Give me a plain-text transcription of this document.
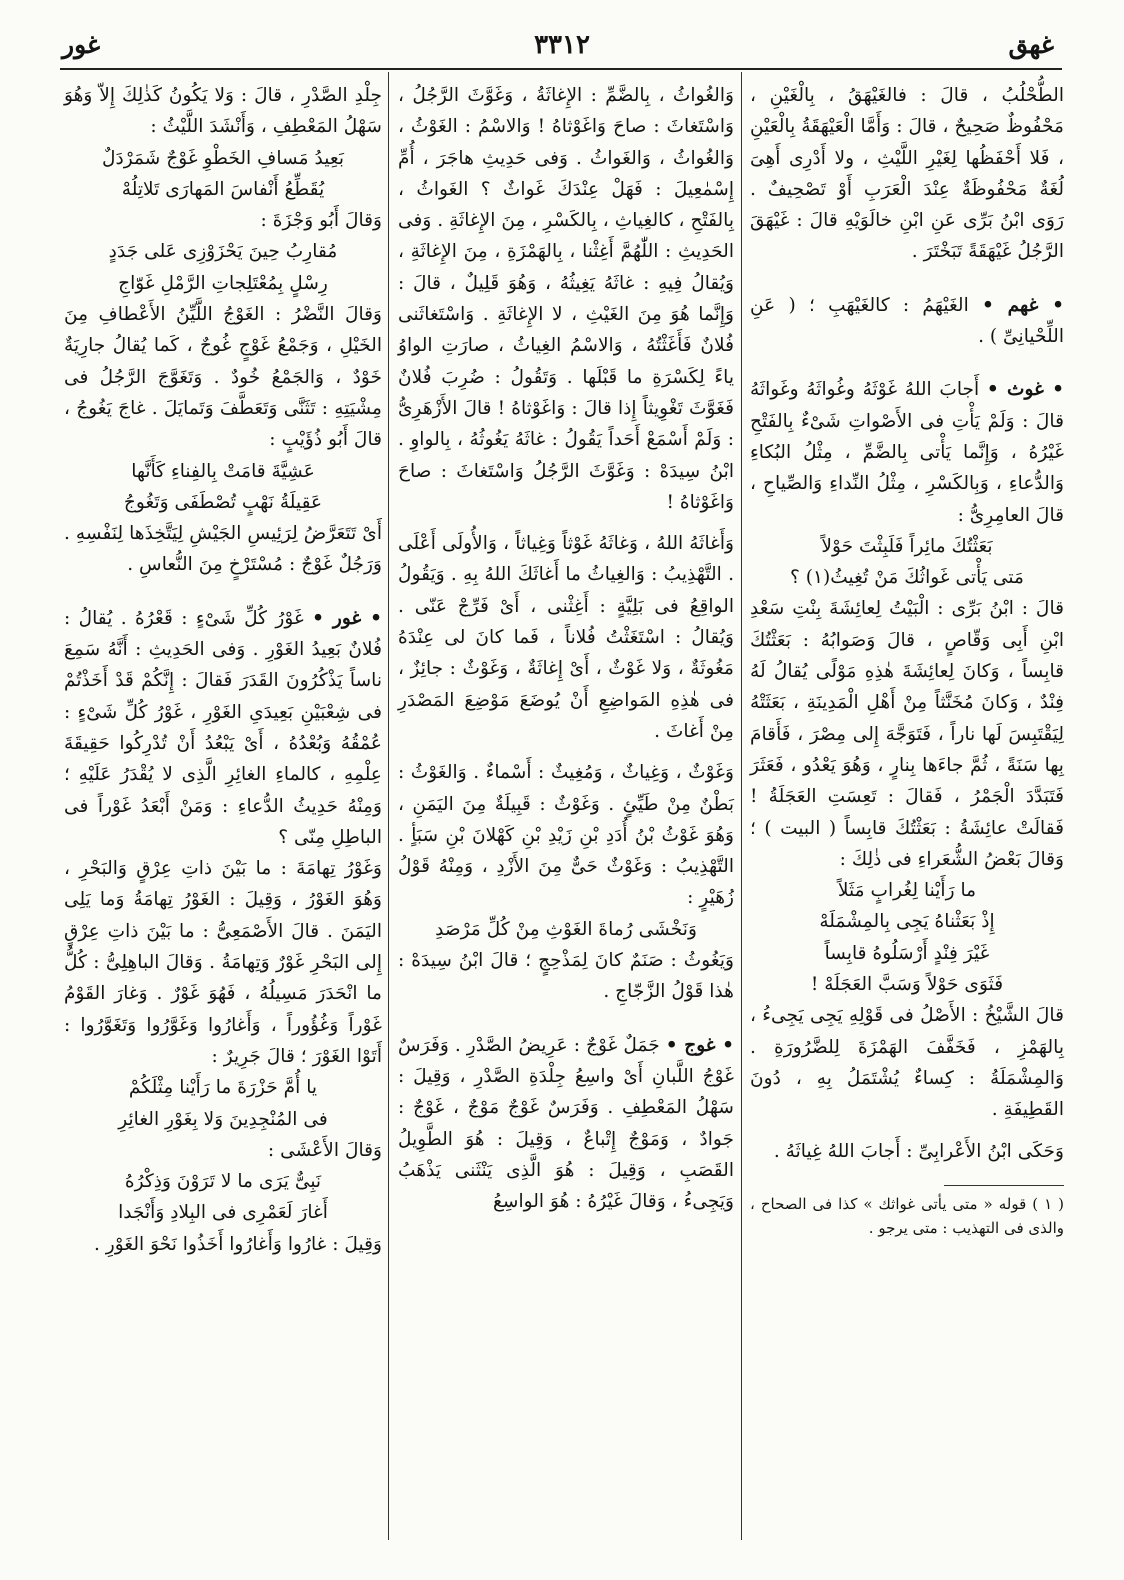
غور	٣٣١٢	غهق

الطُّحْلُبُ ، قالَ : فالغَيْهَقُ ، بِالْغَيْنِ ، مَحْفُوظٌ صَحِيحٌ ، قالَ : وَأَمَّا الْعَيْهَقَةُ بِالْعَيْنِ ، فَلا أَحْفَظُها لِغَيْرِ اللَّيْثِ ، ولا أَدْرِى أَهِىَ لُغَةٌ مَحْفُوظَةٌ عِنْدَ الْعَرَبِ أَوْ تَصْحِيفٌ . رَوَى ابْنُ بَرِّى عَنِ ابْنِ خالَوَيْهِ قالَ : غَيْهَقَ الرَّجُلُ غَيْهَقَةً تَبَخْتَرَ .

• غهم • الغَيْهَمُ : كالغَيْهَبِ ؛ ( عَنِ اللِّحْيانِىِّ ) .

• غوث • أَجابَ اللهُ غَوْثَهُ وغُواثَهُ وغَواثَهُ قالَ : وَلَمْ يَأْتِ فى الأَصْواتِ شَىْءٌ بِالفَتْحِ غَيْرُهُ ، وَإِنَّما يَأْتى بِالضَّمِّ ، مِثْلُ البُكاءِ وَالدُّعاءِ ، وَبِالكَسْرِ ، مِثْلُ النِّداءِ وَالصِّياحِ ، قالَ العامِرِىُّ :

بَعَثْتُكَ مائِراً فَلَبِثْتَ حَوْلاً

مَتى يَأْتى غَواثُكَ مَنْ تُغِيثُ(١) ؟

قالَ : ابْنُ بَرِّى : الْبَيْتُ لِعائِشَةَ بِنْتِ سَعْدِ ابْنِ أَبِى وَقّاصٍ ، قالَ وَصَوابُهُ : بَعَثْتُكَ قابِساً ، وَكانَ لِعائِشَةَ هٰذِهِ مَوْلًى يُقالُ لَهُ فِنْدٌ ، وَكانَ مُخَنَّثاً مِنْ أَهْلِ الْمَدِينَةِ ، بَعَثَتْهُ لِيَقْتَبِسَ لَها ناراً ، فَتَوَجَّهَ إِلى مِصْرَ ، فَأَقامَ بِها سَنَةً ، ثُمَّ جاءَها بِنارٍ ، وَهُوَ يَعْدُو ، فَعَثَرَ فَتَبَدَّدَ الْجَمْرُ ، فَقالَ : تَعِسَتِ العَجَلَةُ ! فَقالَتْ عائِشَةُ : بَعَثْتُكَ قابِساً ( البيت ) ؛ وَقالَ بَعْضُ الشُّعَراءِ فى ذٰلِكَ :

ما رَأَيْنا لِغُرابٍ مَثَلاً

إِذْ بَعَثْناهُ يَجِى بِالمِشْمَلَهْ

غَيْرَ فِنْدٍ أَرْسَلُوهُ قابِساً

فَثَوَى حَوْلاً وَسَبَّ العَجَلَهْ !

قالَ الشَّيْخُ : الأَصْلُ فى قَوْلِهِ يَجِى يَجِىءُ ، بِالهَمْزِ ، فَخَفَّفَ الهَمْزَةَ لِلضَّرُورَةِ . وَالمِشْمَلَةُ : كِساءٌ يُشْتَمَلُ بِهِ ، دُونَ القَطِيفَةِ .

وَحَكَى ابْنُ الأَعْرابِىِّ : أَجابَ اللهُ غِياثَهُ .

( ١ ) قوله « متى يأتى غواثك » كذا فى الصحاح ، والذى فى التهذيب : متى يرجو .

وَالغُواثُ ، بِالضَّمِّ : الإِغاثَةُ ، وَغَوَّثَ الرَّجُلُ ، وَاسْتَغاثَ : صاحَ وَاغَوْثاهُ ! وَالاسْمُ : الغَوْثُ ، وَالغُواثُ ، وَالغَواثُ . وَفى حَدِيثِ هاجَرَ ، أُمِّ إِسْمٰعِيلَ : فَهَلْ عِنْدَكَ غَواثٌ ؟ الغَواثُ ، بِالفَتْحِ ، كالغِياثِ ، بِالكَسْرِ ، مِنَ الإِغاثَةِ . وَفى الحَدِيثِ : اللّٰهُمَّ أَغِثْنا ، بِالهَمْزَةِ ، مِنَ الإِغاثَةِ ، وَيُقالُ فِيهِ : غاثَهُ يَغِيثُهُ ، وَهُوَ قَلِيلٌ ، قالَ : وَإِنَّما هُوَ مِنَ الغَيْثِ ، لا الإِغاثَةِ . وَاسْتَغاثَنى فُلانٌ فَأَغَثْتُهُ ، وَالاسْمُ الغِياثُ ، صارَتِ الواوُ ياءً لِكَسْرَةِ ما قَبْلَها . وَتَقُولُ : ضُرِبَ فُلانٌ فَغَوَّثَ تَغْوِيثاً إِذا قالَ : وَاغَوْثاهُ ! قالَ الأَزْهَرِىُّ : وَلَمْ أَسْمَعْ أَحَداً يَقُولُ : غاثَهُ يَغُوثُهُ ، بِالواوِ . ابْنُ سِيدَهْ : وَغَوَّثَ الرَّجُلُ وَاسْتَغاثَ : صاحَ وَاغَوْثاهُ !

وَأَغاثَهُ اللهُ ، وَغاثَهُ غَوْثاً وَغِياثاً ، وَالأُولَى أَعْلَى . التَّهْذِيبُ : وَالغِياثُ ما أَغاثَكَ اللهُ بِهِ . وَيَقُولُ الواقِعُ فى بَلِيَّةٍ : أَغِثْنى ، أَىْ فَرِّجْ عَنّى . وَيُقالُ : اسْتَغَثْتُ فُلاناً ، فَما كانَ لى عِنْدَهُ مَغُوثَةٌ ، وَلا غَوْثٌ ، أَىْ إِغاثَةٌ ، وَغَوْثٌ : جائِزٌ ، فى هٰذِهِ المَواضِعِ أَنْ يُوضَعَ مَوْضِعَ المَصْدَرِ مِنْ أَغاثَ .

وَغَوْثٌ ، وَغِياثٌ ، وَمُغِيثٌ : أَسْماءٌ . وَالغَوْثُ : بَطْنٌ مِنْ طَيِّئٍ . وَغَوْثٌ : قَبِيلَةٌ مِنَ اليَمَنِ ، وَهُوَ غَوْثُ بْنُ أُدَدِ بْنِ زَيْدِ بْنِ كَهْلانَ بْنِ سَبَأٍ . التَّهْذِيبُ : وَغَوْثٌ حَىٌّ مِنَ الأَزْدِ ، وَمِنْهُ قَوْلُ زُهَيْرٍ :

وَنَخْشَى رُماةَ الغَوْثِ مِنْ كُلِّ مَرْصَدِ

وَيَغُوثُ : صَنَمٌ كانَ لِمَذْحِجٍ ؛ قالَ ابْنُ سِيدَهْ : هٰذا قَوْلُ الزَّجّاجِ .

• غوج • جَمَلٌ غَوْجٌ : عَرِيضُ الصَّدْرِ . وَفَرَسٌ غَوْجُ اللَّبانِ أَىْ واسِعُ جِلْدَةِ الصَّدْرِ ، وَقِيلَ : سَهْلُ المَعْطِفِ . وَفَرَسٌ غَوْجٌ مَوْجٌ ، غَوْجٌ : جَوادٌ ، وَمَوْجٌ إِتْباعٌ ، وَقِيلَ : هُوَ الطَّوِيلُ القَصَبِ ، وَقِيلَ : هُوَ الَّذِى يَنْثَنى يَذْهَبُ وَيَجِىءُ ، وَقالَ غَيْرُهُ : هُوَ الواسِعُ

جِلْدِ الصَّدْرِ ، قالَ : وَلا يَكُونُ كَذٰلِكَ إِلاّ وَهُوَ سَهْلُ المَعْطِفِ ، وَأَنْشَدَ اللَّيْثُ :

بَعِيدُ مَسافِ الخَطْوِ غَوْجٌ شَمَرْدَلٌ

يُقَطِّعُ أَنْفاسَ المَهارَى تَلاتِلُهْ

وَقالَ أَبُو وَجْزَةَ :

مُقارِبُ حِينَ يَحْزَوْزِى عَلى جَدَدٍ

رِسْلٍ بِمُعْتَلِجاتِ الرَّمْلِ غَوّاجِ

وَقالَ النَّضْرُ : الغَوْجُ اللَّيِّنُ الأَعْطافِ مِنَ الخَيْلِ ، وَجَمْعُ غَوْجٍ غُوجٌ ، كَما يُقالُ جارِيَةٌ خَوْدٌ ، وَالجَمْعُ خُودٌ . وَتَغَوَّجَ الرَّجُلُ فى مِشْيَتِهِ : تَثَنَّى وَتَعَطَّفَ وَتَمايَلَ . غاجَ يَغُوجُ ، قالَ أَبُو ذُؤَيْبٍ :

عَشِيَّةَ قامَتْ بِالفِناءِ كَأَنَّها

عَقِيلَةُ نَهْبٍ تُصْطَفَى وَتَغُوجُ

أَىْ تَتَعَرَّضُ لِرَئِيسِ الجَيْشِ لِيَتَّخِذَها لِنَفْسِهِ . وَرَجُلٌ غَوْجٌ : مُسْتَرْخٍ مِنَ النُّعاسِ .

• غور • غَوْرُ كُلِّ شَىْءٍ : قَعْرُهُ . يُقالُ : فُلانٌ بَعِيدُ الغَوْرِ . وَفى الحَدِيثِ : أَنَّهُ سَمِعَ ناساً يَذْكُرُونَ القَدَرَ فَقالَ : إِنَّكُمْ قَدْ أَخَذْتُمْ فى شِعْبَيْنِ بَعِيدَىِ الغَوْرِ ، غَوْرُ كُلِّ شَىْءٍ : عُمْقُهُ وَبُعْدُهُ ، أَىْ يَبْعُدُ أَنْ تُدْرِكُوا حَقِيقَةَ عِلْمِهِ ، كالماءِ الغائِرِ الَّذِى لا يُقْدَرُ عَلَيْهِ ؛ وَمِنْهُ حَدِيثُ الدُّعاءِ : وَمَنْ أَبْعَدُ غَوْراً فى الباطِلِ مِنّى ؟

وَغَوْرُ تِهامَةَ : ما بَيْنَ ذاتِ عِرْقٍ وَالبَحْرِ ، وَهُوَ الغَوْرُ ، وَقِيلَ : الغَوْرُ تِهامَةُ وَما يَلِى اليَمَنَ . قالَ الأَصْمَعِىُّ : ما بَيْنَ ذاتِ عِرْقٍ إِلى البَحْرِ غَوْرٌ وَتِهامَةُ . وَقالَ الباهِلِىُّ : كُلُّ ما انْحَدَرَ مَسِيلُهُ ، فَهُوَ غَوْرٌ . وَغارَ القَوْمُ غَوْراً وَغُؤُوراً ، وَأَغارُوا وَغَوَّرُوا وَتَغَوَّرُوا : أَتَوْا الغَوْرَ ؛ قالَ جَرِيرٌ :

يا أُمَّ حَزْرَةَ ما رَأَيْنا مِثْلَكُمْ

فى المُنْجِدِينَ وَلا بِغَوْرِ الغائِرِ

وَقالَ الأَعْشَى :

نَبِىٌّ يَرَى ما لا تَرَوْنَ وَذِكْرُهُ

أَغارَ لَعَمْرِى فى البِلادِ وَأَنْجَدا

وَقِيلَ : غارُوا وَأَغارُوا أَخَذُوا نَحْوَ الغَوْرِ .
